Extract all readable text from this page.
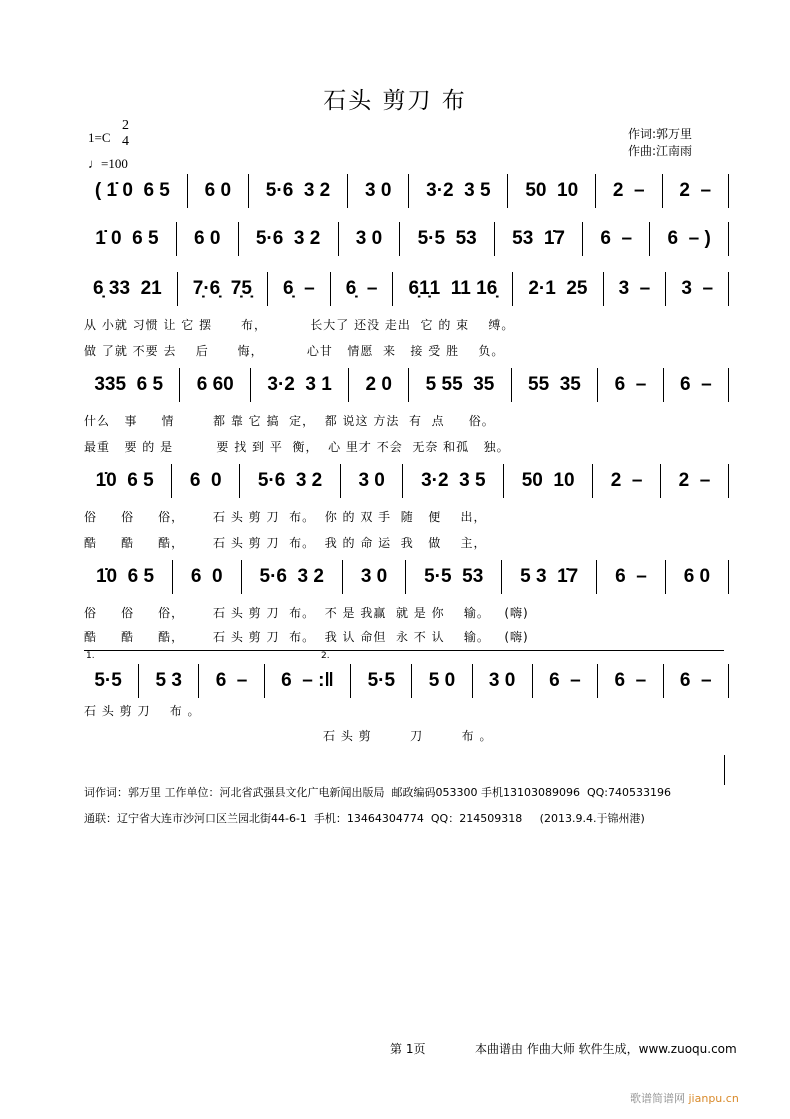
石头 剪刀 布
1=C
2
4
♩=100
作词:郭万里
作曲:江南雨
( 1̇ 0  6 5	6 0	5·6  3 2	3 0	3·2  3 5	50  10	2  –	2  –
1̇ 0  6 5	6 0	5·6  3 2	3 0	5·5  53	53  1̇7	6  –	6  – )
6̣ 33  21	7̣·6̣  7̣5̣	6̣  –	6̣  –	6̣1̣1  11 16̣	2·1  25	3  –	3  –
335  6 5	6 60	3·2  3 1	2 0	5 55  35	55  35	6  –	6  –
1̇0  6 5	6  0	5·6  3 2	3 0	3·2  3 5	50  10	2  –	2  –
1̇0  6 5	6  0	5·6  3 2	3 0	5·5  53	5 3  1̇7	6  –	6 0
5·5	5 3	6  –	6  – :‖	5·5	5 0	3 0	6  –	6  –	6  –
1.	2.
从 小就 习惯 让 它 摆      布，         长大了 还没 走出  它 的 束    缚。
做 了就 不要 去    后      悔，         心甘   情愿  来   接 受 胜    负。
什么   事     情        都 靠 它 搞  定，  都 说这 方法  有  点     俗。
最重   要 的 是         要 找 到 平  衡，  心 里才 不会  无奈 和孤   独。
俗     俗     俗，      石 头 剪 刀  布。  你 的 双 手  随   便    出，
酷     酷     酷，      石 头 剪 刀  布。  我 的 命 运  我   做    主，
俗     俗     俗，      石 头 剪 刀  布。  不 是 我赢  就 是 你    输。   (嗨)
酷     酷     酷，      石 头 剪 刀  布。  我 认 命但  永 不 认    输。   (嗨)
石 头 剪 刀    布 。
石 头 剪        刀        布 。
词作词：郭万里 工作单位：河北省武强县文化广电新闻出版局  邮政编码053300 手机13103089096  QQ:740533196
通联：辽宁省大连市沙河口区兰园北街44-6-1  手机：13464304774  QQ：214509318     (2013.9.4.于锦州港)
第 1页	本曲谱由 作曲大师 软件生成，www.zuoqu.com
歌谱简谱网 jianpu.cn
